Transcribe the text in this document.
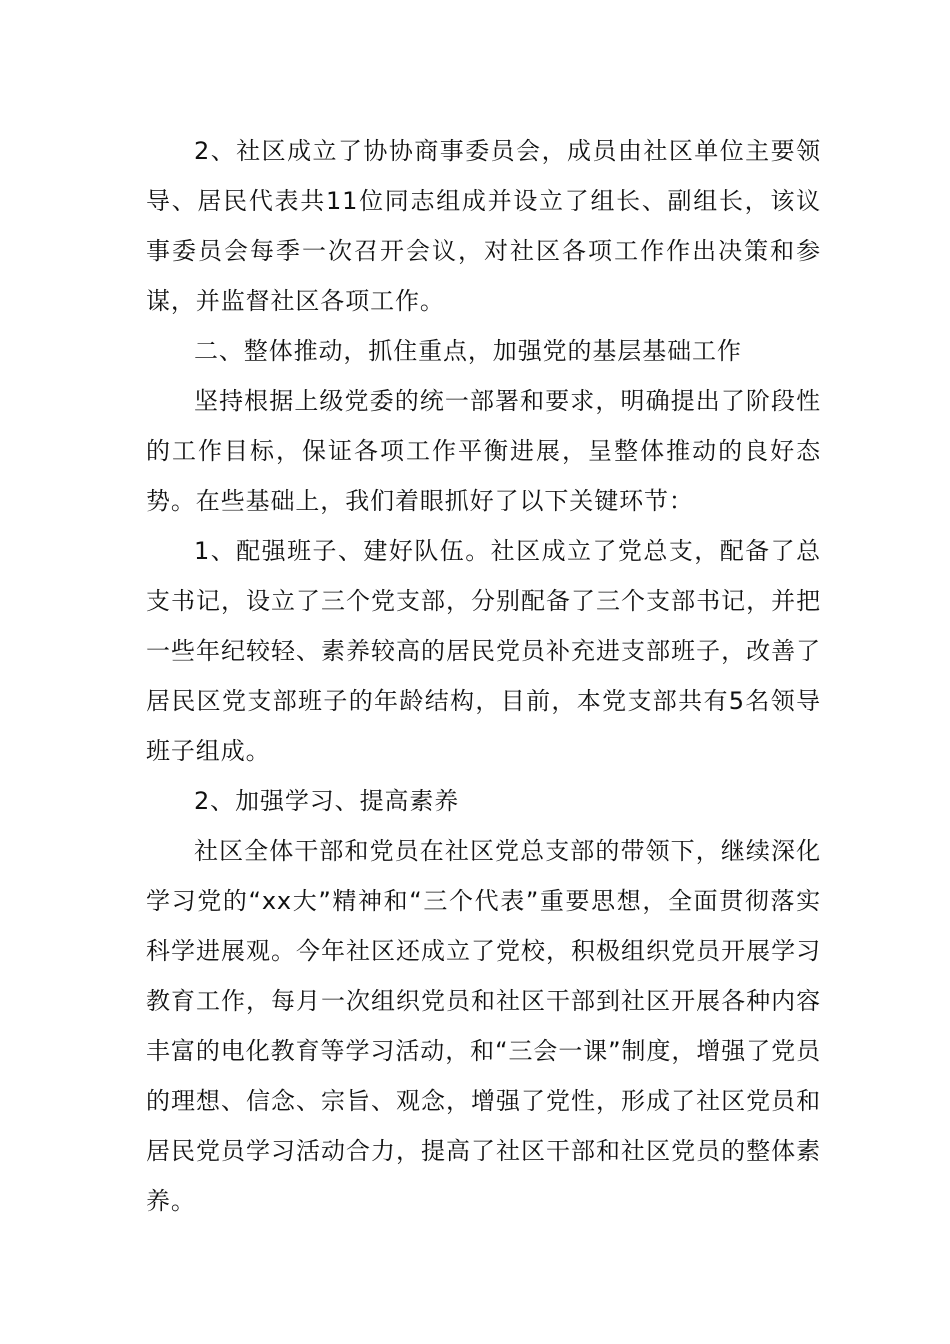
2、社区成立了协协商事委员会，成员由社区单位主要领导、居民代表共11位同志组成并设立了组长、副组长，该议事委员会每季一次召开会议，对社区各项工作作出决策和参谋，并监督社区各项工作。

二、整体推动，抓住重点，加强党的基层基础工作

坚持根据上级党委的统一部署和要求，明确提出了阶段性的工作目标，保证各项工作平衡进展，呈整体推动的良好态势。在些基础上，我们着眼抓好了以下关键环节：

1、配强班子、建好队伍。社区成立了党总支，配备了总支书记，设立了三个党支部，分别配备了三个支部书记，并把一些年纪较轻、素养较高的居民党员补充进支部班子，改善了居民区党支部班子的年龄结构，目前，本党支部共有5名领导班子组成。

2、加强学习、提高素养

社区全体干部和党员在社区党总支部的带领下，继续深化学习党的“xx大”精神和“三个代表”重要思想，全面贯彻落实科学进展观。今年社区还成立了党校，积极组织党员开展学习教育工作，每月一次组织党员和社区干部到社区开展各种内容丰富的电化教育等学习活动，和“三会一课”制度，增强了党员的理想、信念、宗旨、观念，增强了党性，形成了社区党员和居民党员学习活动合力，提高了社区干部和社区党员的整体素养。
